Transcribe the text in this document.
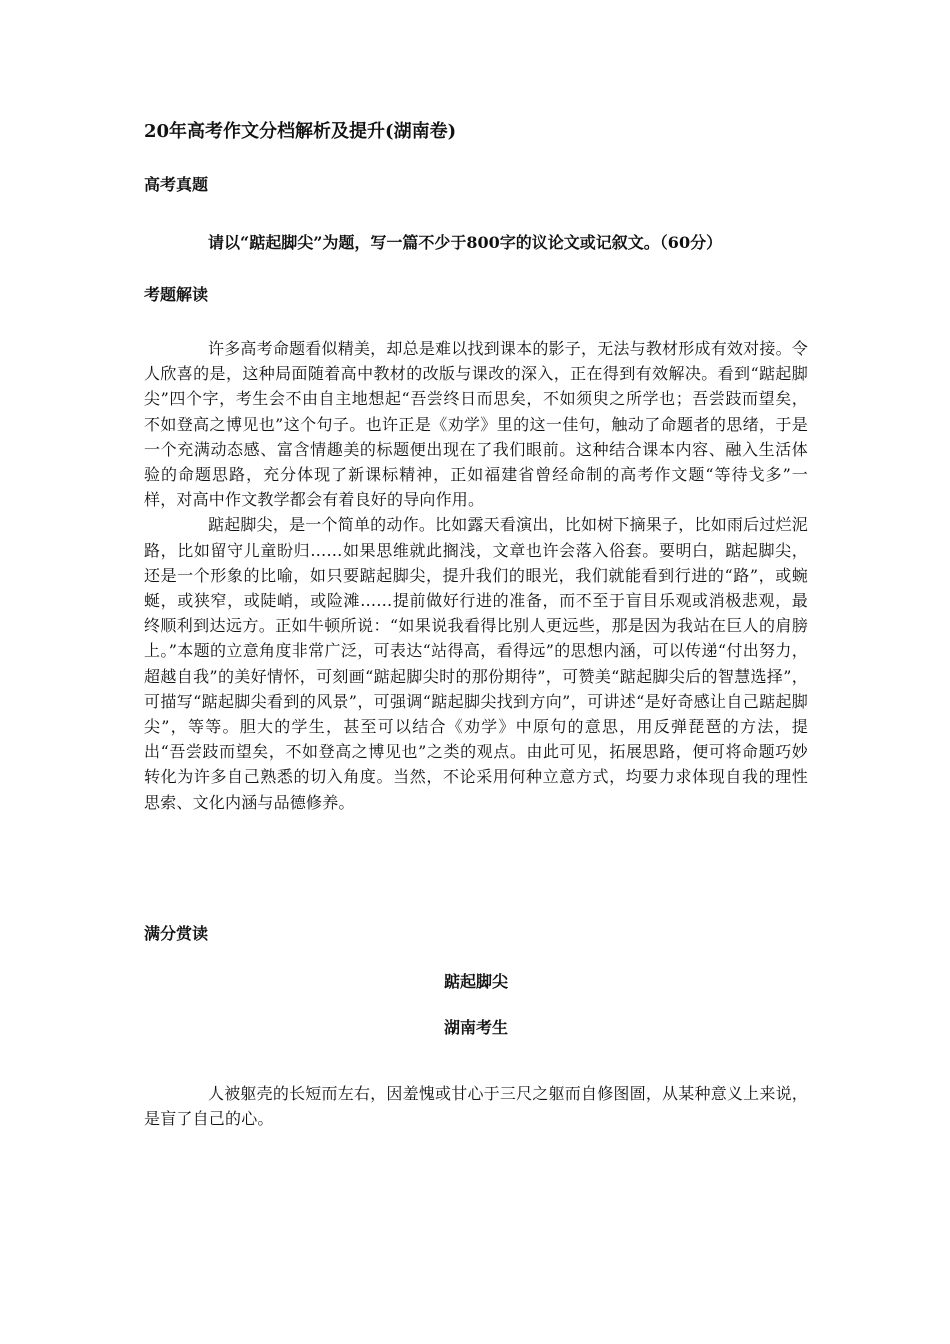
20年高考作文分档解析及提升(湖南卷)
高考真题
请以“踮起脚尖”为题，写一篇不少于800字的议论文或记叙文。（60分）
考题解读

许多高考命题看似精美，却总是难以找到课本的影子，无法与教材形成有效对接。令人欣喜的是，这种局面随着高中教材的改版与课改的深入，正在得到有效解决。看到“踮起脚尖”四个字，考生会不由自主地想起“吾尝终日而思矣，不如须臾之所学也；吾尝跂而望矣，不如登高之博见也”这个句子。也许正是《劝学》里的这一佳句，触动了命题者的思绪，于是一个充满动态感、富含情趣美的标题便出现在了我们眼前。这种结合课本内容、融入生活体验的命题思路，充分体现了新课标精神，正如福建省曾经命制的高考作文题“等待戈多”一样，对高中作文教学都会有着良好的导向作用。

踮起脚尖，是一个简单的动作。比如露天看演出，比如树下摘果子，比如雨后过烂泥路，比如留守儿童盼归……如果思维就此搁浅，文章也许会落入俗套。要明白，踮起脚尖，还是一个形象的比喻，如只要踮起脚尖，提升我们的眼光，我们就能看到行进的“路”，或蜿蜒，或狭窄，或陡峭，或险滩……提前做好行进的准备，而不至于盲目乐观或消极悲观，最终顺利到达远方。正如牛顿所说：“如果说我看得比别人更远些，那是因为我站在巨人的肩膀上。”本题的立意角度非常广泛，可表达“站得高，看得远”的思想内涵，可以传递“付出努力，超越自我”的美好情怀，可刻画“踮起脚尖时的那份期待”，可赞美“踮起脚尖后的智慧选择”，可描写“踮起脚尖看到的风景”，可强调“踮起脚尖找到方向”，可讲述“是好奇感让自己踮起脚尖”，等等。胆大的学生，甚至可以结合《劝学》中原句的意思，用反弹琵琶的方法，提出“吾尝跂而望矣，不如登高之博见也”之类的观点。由此可见，拓展思路，便可将命题巧妙转化为许多自己熟悉的切入角度。当然，不论采用何种立意方式，均要力求体现自我的理性思索、文化内涵与品德修养。

满分赏读
踮起脚尖
湖南考生

人被躯壳的长短而左右，因羞愧或甘心于三尺之躯而自修图圄，从某种意义上来说，是盲了自己的心。
